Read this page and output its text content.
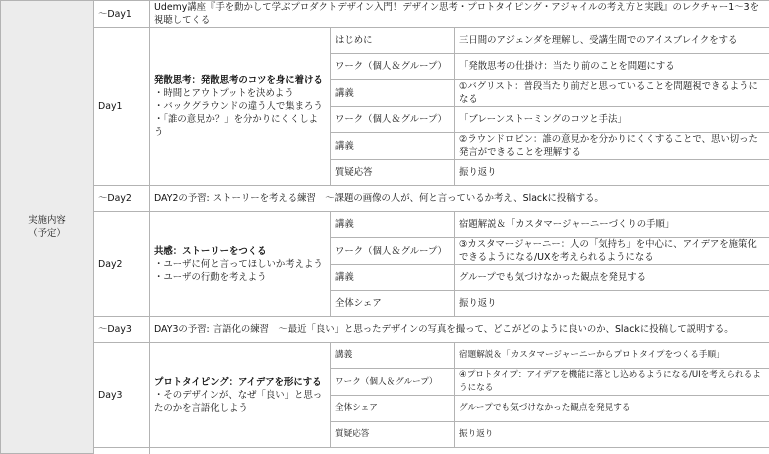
実施内容
（予定）	〜Day1	Udemy講座『手を動かして学ぶプロダクトデザイン入門！デザイン思考・プロトタイピング・アジャイルの考え方と実践』のレクチャー1〜3を視聴してくる		
	Day1	発散思考：発散思考のコツを身に着ける
・時間とアウトプットを決めよう
・バックグラウンドの違う人で集まろう
・「誰の意見か？」を分かりにくくしよう	はじめに	三日間のアジェンダを理解し、受講生間でのアイスブレイクをする
			ワーク（個人＆グループ）	「発散思考の仕掛け：当たり前のことを問題にする
			講義	①バグリスト：普段当たり前だと思っていることを問題視できるようになる
			ワーク（個人＆グループ）	「ブレーンストーミングのコツと手法」
			講義	②ラウンドロビン：誰の意見かを分かりにくくすることで、思い切った発言ができることを理解する
			質疑応答	振り返り
	〜Day2	DAY2の予習: ストーリーを考える練習　〜課題の画像の人が、何と言っているか考え、Slackに投稿する。		
	Day2	共感：ストーリーをつくる
・ユーザに何と言ってほしいか考えよう
・ユーザの行動を考えよう	講義	宿題解説＆「カスタマージャーニーづくりの手順」
			ワーク（個人＆グループ）	③カスタマージャーニー：人の「気持ち」を中心に、アイデアを施策化できるようになる/UXを考えられるようになる
			講義	グループでも気づけなかった観点を発見する
			全体シェア	振り返り
	〜Day3	DAY3の予習: 言語化の練習　〜最近「良い」と思ったデザインの写真を撮って、どこがどのように良いのか、Slackに投稿して説明する。		
	Day3	プロトタイピング：アイデアを形にする
・そのデザインが、なぜ「良い」と思ったのかを言語化しよう	講義	宿題解説＆「カスタマージャーニーからプロトタイプをつくる手順」
			ワーク（個人＆グループ）	④プロトタイプ：アイデアを機能に落とし込めるようになる/UIを考えられるようになる
			全体シェア	グループでも気づけなかった観点を発見する
			質疑応答	振り返り
